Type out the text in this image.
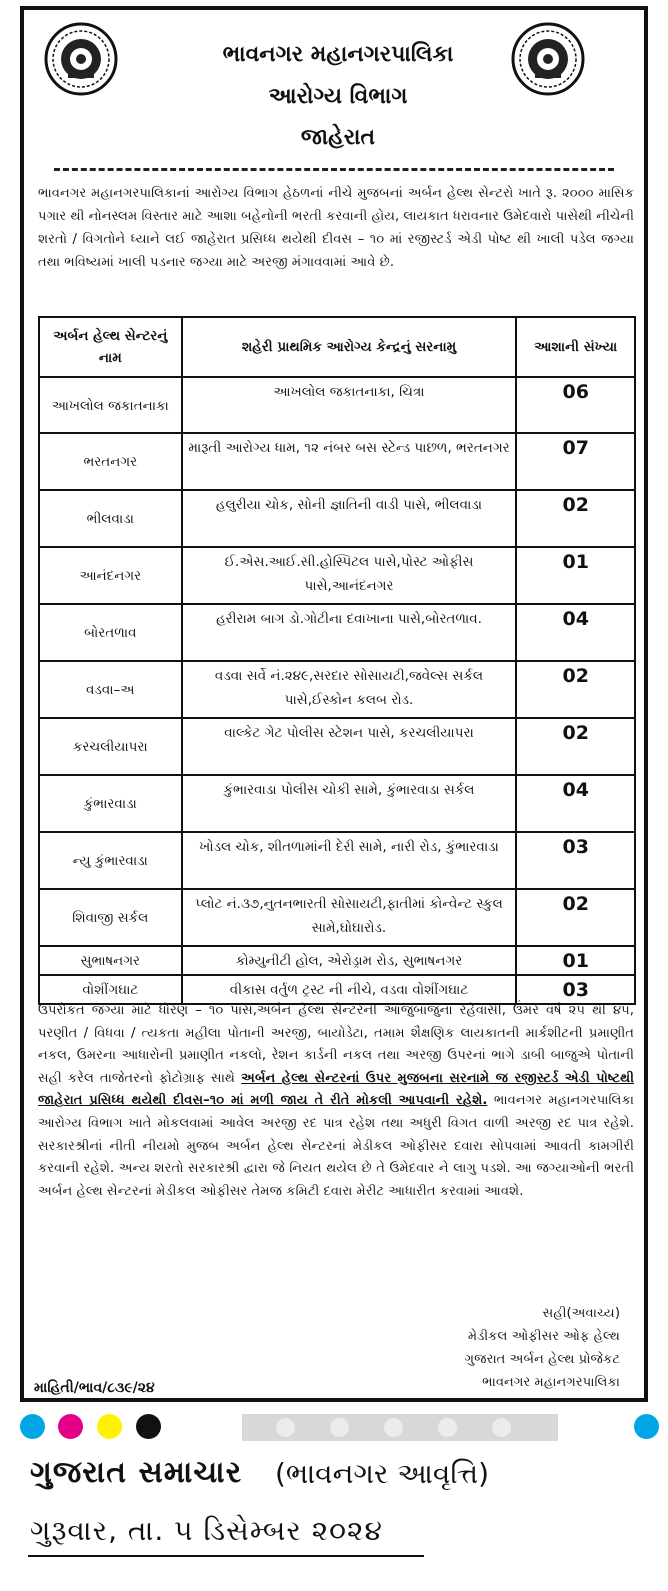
ભાવનગર મહાનગરપાલિકા
આરોગ્ય વિભાગ
જાહેરાત
ભાવનગર મહાનગરપાલિકાનાં આરોગ્ય વિભાગ હેઠળનાં નીચે મુજબનાં અર્બન હેલ્થ સેન્ટરો ખાતે રૂ. ૨૦૦૦ માસિક પગાર થી નોનસ્લમ વિસ્તાર માટે આશા બહેનોની ભરતી કરવાની હોય, લાયકાત ધરાવનાર ઉમેદવારો પાસેથી નીચેની શરતો / વિગતોને ધ્યાને લઈ જાહેરાત પ્રસિધ્ધ થયેથી દીવસ – ૧૦ માં રજીસ્ટર્ડ એડી પોષ્ટ થી ખાલી પડેલ જગ્યા તથા ભવિષ્યમાં ખાલી પડનાર જગ્યા માટે અરજી મંગાવવામાં આવે છે.
અર્બન હેલ્થ સેન્ટરનું નામ	શહેરી પ્રાથમિક આરોગ્ય કેન્દ્રનું સરનામુ	આશાની સંખ્યા
આખલોલ જકાતનાકા	આખલોલ જકાતનાકા, ચિત્રા	06
ભરતનગર	મારૂતી આરોગ્ય ધામ, ૧૨ નંબર બસ સ્ટેન્ડ પાછળ, ભરતનગર	07
ભીલવાડા	હલુરીયા ચોક, સોની જ્ઞાતિની વાડી પાસે, ભીલવાડા	02
આનંદનગર	ઈ.એસ.આઈ.સી.હોસ્પિટલ પાસે,પોસ્ટ ઓફીસ પાસે,આનંદનગર	01
બોરતળાવ	હરીરામ બાગ ડો.ગોટીના દવાખાના પાસે,બોરતળાવ.	04
વડવા–અ	વડવા સર્વે નં.૨૪૯,સરદાર સોસાયટી,જવેલ્સ સર્કલ પાસે,ઈસ્કોન કલબ રોડ.	02
કરચલીયાપરા	વાલ્કેટ ગેટ પોલીસ સ્ટેશન પાસે, કરચલીયાપરા	02
કુંભારવાડા	કુંભારવાડા પોલીસ ચોકી સામે, કુંભારવાડા સર્કલ	04
ન્યુ કુંભારવાડા	ખોડલ ચોક, શીતળામાંની દેરી સામે, નારી રોડ, કુંભારવાડા	03
શિવાજી સર્કલ	પ્લોટ નં.૩૭,નુતનભારતી સોસાયટી,ફાતીમાં કોન્વેન્ટ સ્કુલ સામે,ઘોઘારોડ.	02
સુભાષનગર	કોમ્યુનીટી હોલ, એરોડ્રામ રોડ, સુભાષનગર	01
વોશીંગઘાટ	વીકાસ વર્તુળ ટ્રસ્ટ ની નીચે, વડવા વોશીંગઘાટ	03
ઉપરોકત જગ્યા માટે ધોરણ – ૧૦ પાસ,અર્બન હેલ્થ સેન્ટરની આજુબાજુનાં રહેવાસી, ઉંમર વર્ષ ૨૫ થી ૪૫, પરણીત / વિધવા / ત્યકતા મહીલા પોતાની અરજી, બાયોડેટા, તમામ શૈક્ષણિક લાયકાતની માર્કશીટની પ્રમાણીત નકલ, ઉમરના આધારોની પ્રમાણીત નકલો, રેશન કાર્ડની નકલ તથા અરજી ઉપરનાં ભાગે ડાબી બાજુએ પોતાની સહી કરેલ તાજેતરનો ફોટોગ્રાફ સાથે અર્બન હેલ્થ સેન્ટરનાં ઉપર મુજબના સરનામે જ રજીસ્ટર્ડ એડી પોષ્ટથી જાહેરાત પ્રસિધ્ધ થયેથી દીવસ–૧૦ માં મળી જાય તે રીતે મોકલી આપવાની રહેશે. ભાવનગર મહાનગરપાલિકા આરોગ્ય વિભાગ ખાતે મોકલવામાં આવેલ અરજી રદ પાત્ર રહેશ તથા અધુરી વિગત વાળી અરજી રદ પાત્ર રહેશે. સરકારશ્રીનાં નીતી નીયમો મુજબ અર્બન હેલ્થ સેન્ટરનાં મેડીકલ ઓફીસર દવારા સોપવામાં આવતી કામગીરી કરવાની રહેશે. અન્ય શરતો સરકારશ્રી દ્વારા જે નિયત થયેલ છે તે ઉમેદવાર ને લાગુ પડશે. આ જગ્યાઓની ભરતી અર્બન હેલ્થ સેન્ટરનાં મેડીકલ ઓફીસર તેમજ કમિટી દવારા મેરીટ આધારીત કરવામાં આવશે.
સહી(અવાચ્ય)
મેડીકલ ઓફીસર ઓફ હેલ્થ
ગુજરાત અર્બન હેલ્થ પ્રોજેકટ
ભાવનગર મહાનગરપાલિકા
માહિતી/ભાવ/૮૩૯/૨૪
ગુજરાત સમાચાર (ભાવનગર આવૃત્તિ)
ગુરૂવાર, તા. ૫ ડિસેમ્બર ૨૦૨૪
